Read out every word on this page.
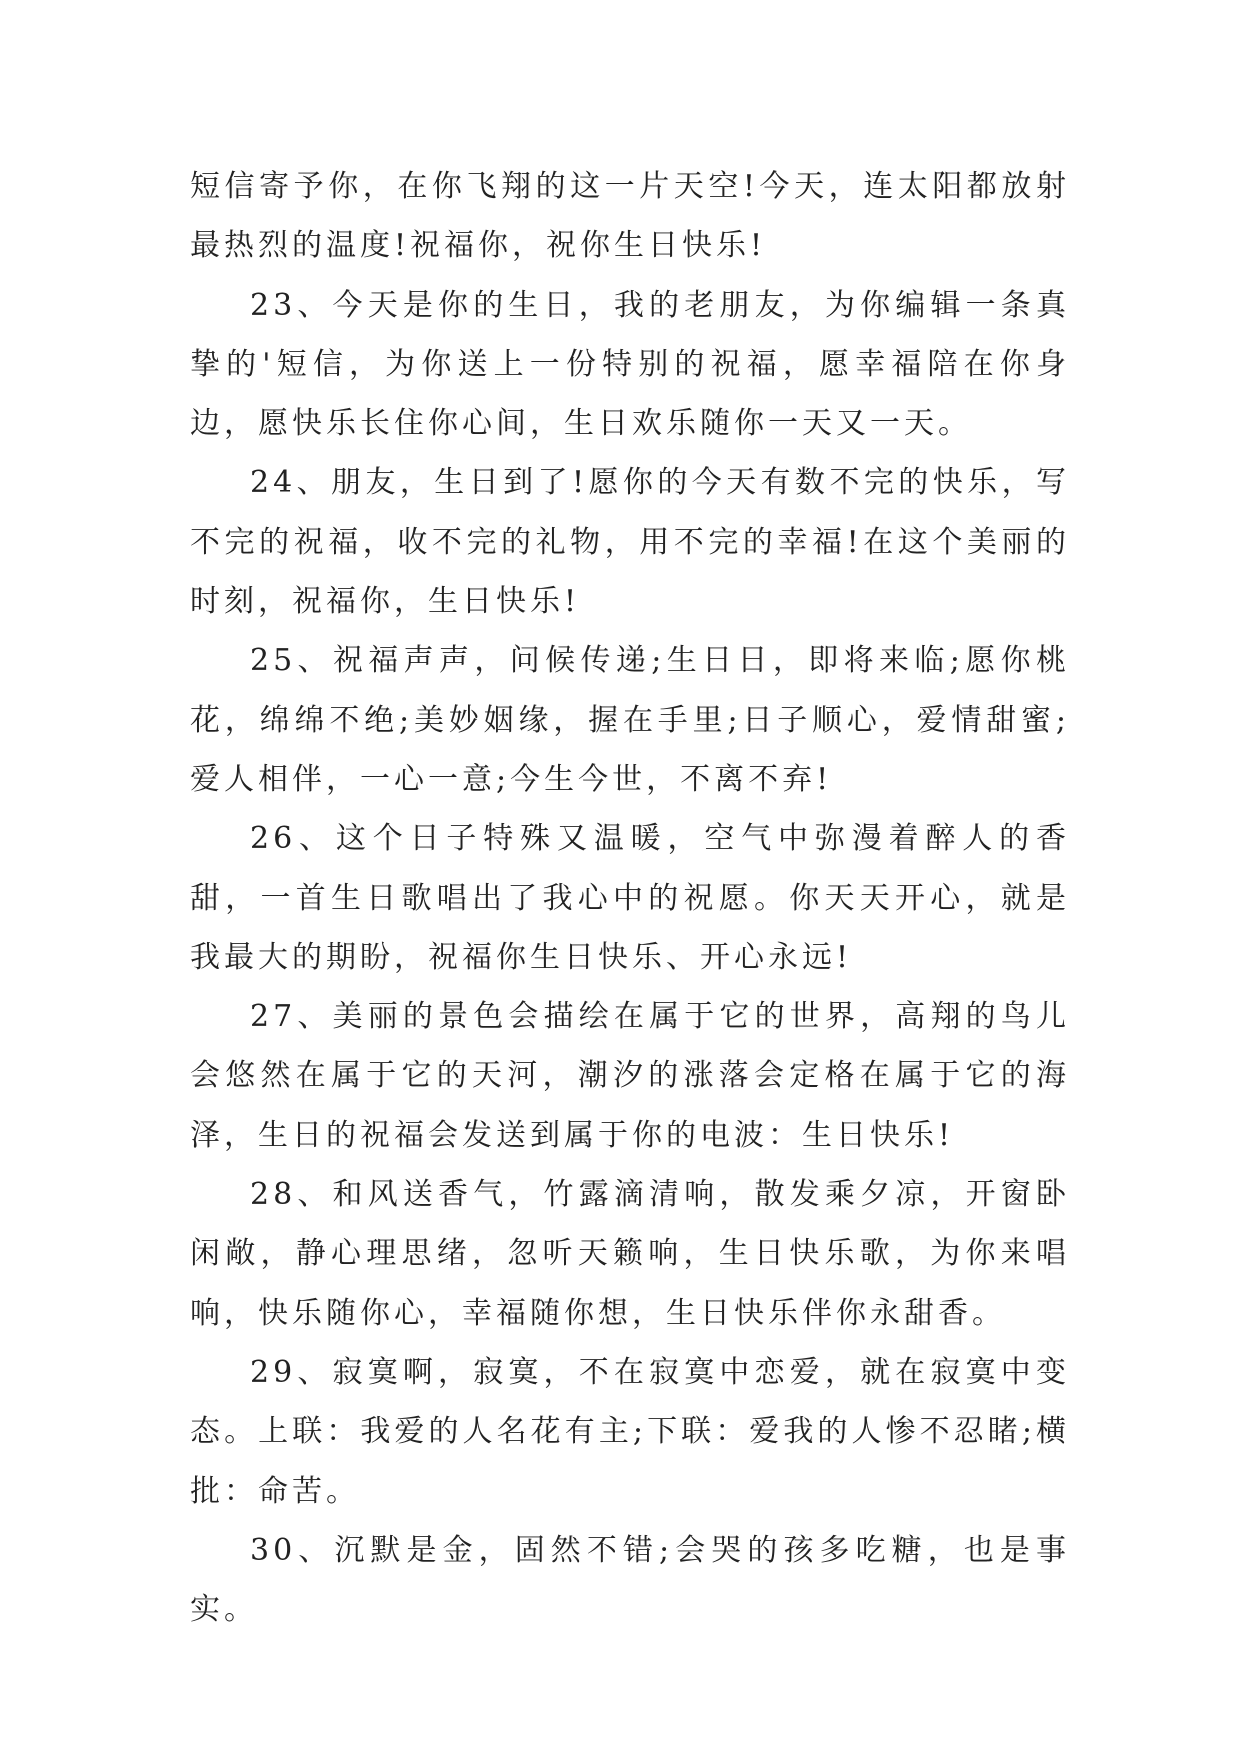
短信寄予你，在你飞翔的这一片天空!今天，连太阳都放射最热烈的温度!祝福你，祝你生日快乐!

23、今天是你的生日，我的老朋友，为你编辑一条真挚的'短信，为你送上一份特别的祝福，愿幸福陪在你身边，愿快乐长住你心间，生日欢乐随你一天又一天。

24、朋友，生日到了!愿你的今天有数不完的快乐，写不完的祝福，收不完的礼物，用不完的幸福!在这个美丽的时刻，祝福你，生日快乐!

25、祝福声声，问候传递;生日日，即将来临;愿你桃花，绵绵不绝;美妙姻缘，握在手里;日子顺心，爱情甜蜜;爱人相伴，一心一意;今生今世，不离不弃!

26、这个日子特殊又温暖，空气中弥漫着醉人的香甜，一首生日歌唱出了我心中的祝愿。你天天开心，就是我最大的期盼，祝福你生日快乐、开心永远!

27、美丽的景色会描绘在属于它的世界，高翔的鸟儿会悠然在属于它的天河，潮汐的涨落会定格在属于它的海泽，生日的祝福会发送到属于你的电波：生日快乐!

28、和风送香气，竹露滴清响，散发乘夕凉，开窗卧闲敞，静心理思绪，忽听天籁响，生日快乐歌，为你来唱响，快乐随你心，幸福随你想，生日快乐伴你永甜香。

29、寂寞啊，寂寞，不在寂寞中恋爱，就在寂寞中变态。上联：我爱的人名花有主;下联：爱我的人惨不忍睹;横批：命苦。

30、沉默是金，固然不错;会哭的孩多吃糖，也是事实。
